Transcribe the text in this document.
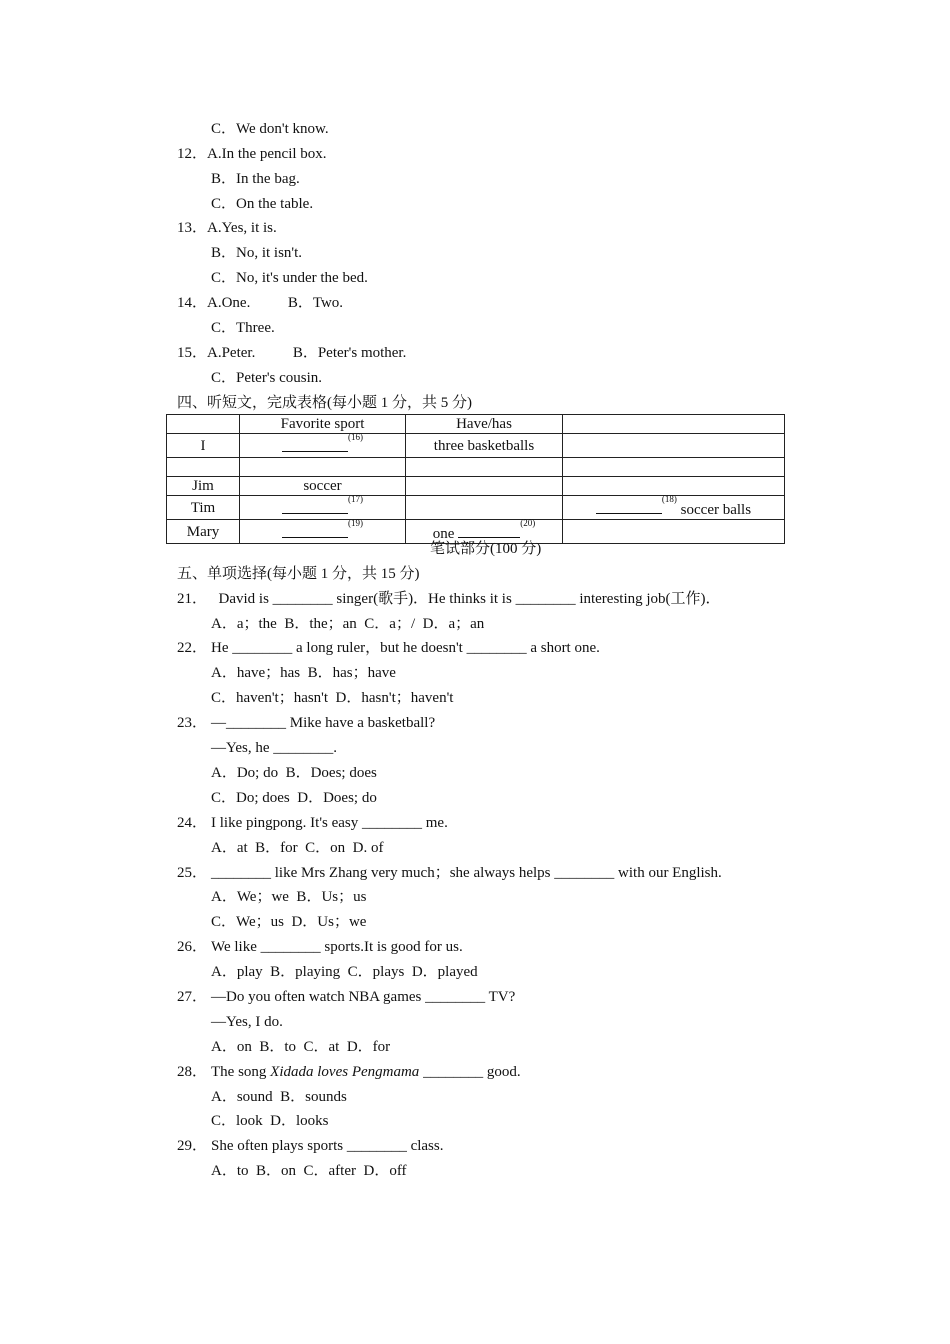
C．We don't know.
12．A.In the pencil box.
B．In the bag.
C．On the table.
13．A.Yes, it is.
B．No, it isn't.
C．No, it's under the bed.
14．A.One.          B．Two.
C．Three.
15．A.Peter.          B．Peter's mother.
C．Peter's cousin.
四、听短文，完成表格(每小题 1 分，共 5 分)
	Favorite sport	Have/has	
I	$^{(16)}$	three basketballs	

Jim	soccer		
Tim	$^{(17)}$		$^{(18)}$ soccer balls
Mary	$^{(19)}$	one $^{(20)}$	
笔试部分(100 分)
五、单项选择(每小题 1 分，共 15 分)
21． David is ________ singer(歌手)．He thinks it is ________ interesting job(工作)．
A．a；the  B．the；an  C．a；/  D．a；an
22． He ________ a long ruler，but he doesn't ________ a short one.
A．have；has  B．has；have
C．haven't；hasn't  D．hasn't；haven't
23． —________ Mike have a basketball?
—Yes, he ________.
A．Do; do  B．Does; does
C．Do; does  D．Does; do
24． I like pingpong. It's easy ________ me.
A．at  B．for  C．on  D. of
25． ________ like Mrs Zhang very much；she always helps ________ with our English.
A．We；we  B．Us；us
C．We；us  D．Us；we
26． We like ________ sports.It is good for us.
A．play  B．playing  C．plays  D．played
27． —Do you often watch NBA games ________ TV?
—Yes, I do.
A．on  B．to  C．at  D．for
28． The song Xidada loves Pengmama ________ good.
A．sound  B．sounds
C．look  D．looks
29． She often plays sports ________ class.
A．to  B．on  C．after  D．off
